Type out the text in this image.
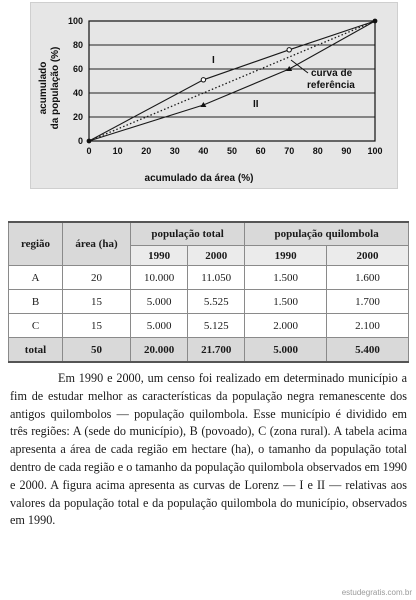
0 10 20 30 40 50 60 70 80 90 100
0
20
40
60
80
100
acumulado da área (%)
acumulado da população (%)	I
II
curva de
referência
região	área (ha)	população total		população quilombola	
		1990	2000	1990	2000
A	20	10.000	11.050	1.500	1.600
B	15	5.000	5.525	1.500	1.700
C	15	5.000	5.125	2.000	2.100
total	50	20.000	21.700	5.000	5.400

Em 1990 e 2000, um censo foi realizado em determinado município a fim de estudar melhor as características da população negra remanescente dos antigos quilombolos — população quilombola. Esse município é dividido em três regiões: A (sede do município), B (povoado), C (zona rural). A tabela acima apresenta a área de cada região em hectare (ha), o tamanho da população total dentro de cada região e o tamanho da população quilombola observados em 1990 e 2000. A figura acima apresenta as curvas de Lorenz — I e II — relativas aos valores da população total e da população quilombola do município, observados em 1990.

estudegratis.com.br
